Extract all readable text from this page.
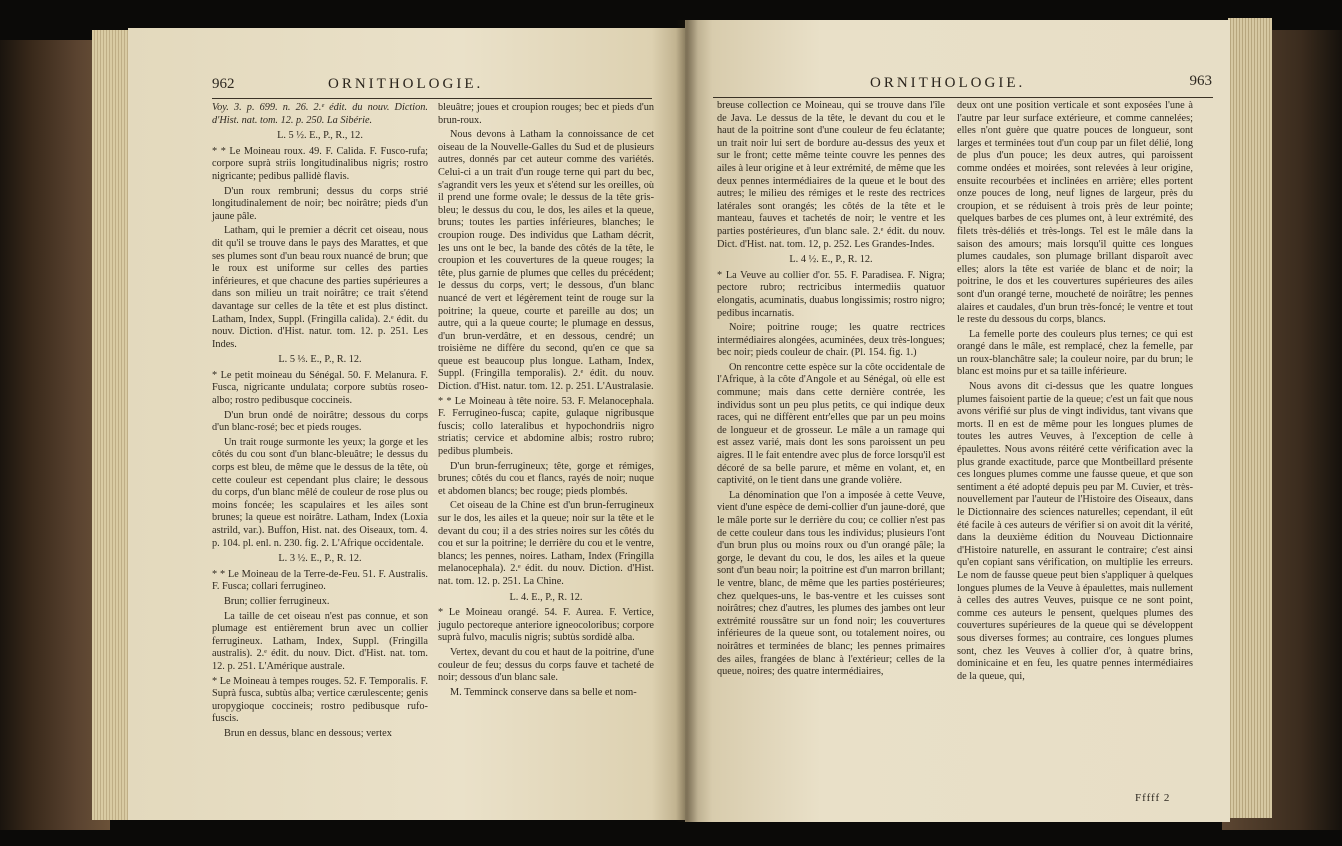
962	ORNITHOLOGIE.

Voy. 3. p. 699. n. 26. 2.ᵉ édit. du nouv. Diction. d'Hist. nat. tom. 12. p. 250. La Sibérie.

L. 5 ½. E., P., R., 12.

* * Le Moineau roux. 49. F. Calida. F. Fusco-rufa; corpore suprà striis longitudinalibus nigris; rostro nigricante; pedibus pallidè flavis.

D'un roux rembruni; dessus du corps strié longitudinalement de noir; bec noirâtre; pieds d'un jaune pâle.

Latham, qui le premier a décrit cet oiseau, nous dit qu'il se trouve dans le pays des Marattes, et que ses plumes sont d'un beau roux nuancé de brun; que le roux est uniforme sur celles des parties inférieures, et que chacune des parties supérieures a dans son milieu un trait noirâtre; ce trait s'étend davantage sur celles de la tête et est plus distinct. Latham, Index, Suppl. (Fringilla calida). 2.ᵉ édit. du nouv. Diction. d'Hist. natur. tom. 12. p. 251. Les Indes.

L. 5 ⅓. E., P., R. 12.

* Le petit moineau du Sénégal. 50. F. Melanura. F. Fusca, nigricante undulata; corpore subtùs roseo-albo; rostro pedibusque coccineis.

D'un brun ondé de noirâtre; dessous du corps d'un blanc-rosé; bec et pieds rouges.

Un trait rouge surmonte les yeux; la gorge et les côtés du cou sont d'un blanc-bleuâtre; le dessus du corps est bleu, de même que le dessus de la tête, où cette couleur est cependant plus claire; le dessous du corps, d'un blanc mêlé de couleur de rose plus ou moins foncée; les scapulaires et les ailes sont brunes; la queue est noirâtre. Latham, Index (Loxia astrild, var.). Buffon, Hist. nat. des Oiseaux, tom. 4. p. 104. pl. enl. n. 230. fig. 2. L'Afrique occidentale.

L. 3 ½. E., P., R. 12.

* * Le Moineau de la Terre-de-Feu. 51. F. Australis. F. Fusca; collari ferrugineo.

Brun; collier ferrugineux.

La taille de cet oiseau n'est pas connue, et son plumage est entièrement brun avec un collier ferrugineux. Latham, Index, Suppl. (Fringilla australis). 2.ᵉ édit. du nouv. Dict. d'Hist. nat. tom. 12. p. 251. L'Amérique australe.

* Le Moineau à tempes rouges. 52. F. Temporalis. F. Suprà fusca, subtùs alba; vertice cærulescente; genis uropygioque coccineis; rostro pedibusque rufo-fuscis.

Brun en dessus, blanc en dessous; vertex

bleuâtre; joues et croupion rouges; bec et pieds d'un brun-roux.

Nous devons à Latham la connoissance de cet oiseau de la Nouvelle-Galles du Sud et de plusieurs autres, donnés par cet auteur comme des variétés. Celui-ci a un trait d'un rouge terne qui part du bec, s'agrandit vers les yeux et s'étend sur les oreilles, où il prend une forme ovale; le dessus de la tête gris-bleu; le dessus du cou, le dos, les ailes et la queue, bruns; toutes les parties inférieures, blanches; le croupion rouge. Des individus que Latham décrit, les uns ont le bec, la bande des côtés de la tête, le croupion et les couvertures de la queue rouges; la tête, plus garnie de plumes que celles du précédent; le dessus du corps, vert; le dessous, d'un blanc nuancé de vert et légèrement teint de rouge sur la poitrine; la queue, courte et pareille au dos; un autre, qui a la queue courte; le plumage en dessus, d'un brun-verdâtre, et en dessous, cendré; un troisième ne diffère du second, qu'en ce que sa queue est beaucoup plus longue. Latham, Index, Suppl. (Fringilla temporalis). 2.ᵉ édit. du nouv. Diction. d'Hist. natur. tom. 12. p. 251. L'Australasie.

* * Le Moineau à tête noire. 53. F. Melanocephala. F. Ferrugineo-fusca; capite, gulaque nigribusque fuscis; collo lateralibus et hypochondriis nigro striatis; cervice et abdomine albis; rostro rubro; pedibus plumbeis.

D'un brun-ferrugineux; tête, gorge et rémiges, brunes; côtés du cou et flancs, rayés de noir; nuque et abdomen blancs; bec rouge; pieds plombés.

Cet oiseau de la Chine est d'un brun-ferrugineux sur le dos, les ailes et la queue; noir sur la tête et le devant du cou; il a des stries noires sur les côtés du cou et sur la poitrine; le derrière du cou et le ventre, blancs; les pennes, noires. Latham, Index (Fringilla melanocephala). 2.ᵉ édit. du nouv. Diction. d'Hist. nat. tom. 12. p. 251. La Chine.

L. 4. E., P., R. 12.

* Le Moineau orangé. 54. F. Aurea. F. Vertice, jugulo pectoreque anteriore igneocoloribus; corpore suprà fulvo, maculis nigris; subtùs sordidè alba.

Vertex, devant du cou et haut de la poitrine, d'une couleur de feu; dessus du corps fauve et tacheté de noir; dessous d'un blanc sale.

M. Temminck conserve dans sa belle et nom-

ORNITHOLOGIE.	963

breuse collection ce Moineau, qui se trouve dans l'île de Java. Le dessus de la tête, le devant du cou et le haut de la poitrine sont d'une couleur de feu éclatante; un trait noir lui sert de bordure au-dessus des yeux et sur le front; cette même teinte couvre les pennes des ailes à leur origine et à leur extrémité, de même que les deux pennes intermédiaires de la queue et le bout des autres; le milieu des rémiges et le reste des rectrices latérales sont orangés; les côtés de la tête et le manteau, fauves et tachetés de noir; le ventre et les parties postérieures, d'un blanc sale. 2.ᵉ édit. du nouv. Dict. d'Hist. nat. tom. 12, p. 252. Les Grandes-Indes.

L. 4 ½. E., P., R. 12.

* La Veuve au collier d'or. 55. F. Paradisea. F. Nigra; pectore rubro; rectricibus intermediis quatuor elongatis, acuminatis, duabus longissimis; rostro nigro; pedibus incarnatis.

Noire; poitrine rouge; les quatre rectrices intermédiaires alongées, acuminées, deux très-longues; bec noir; pieds couleur de chair. (Pl. 154. fig. 1.)

On rencontre cette espèce sur la côte occidentale de l'Afrique, à la côte d'Angole et au Sénégal, où elle est commune; mais dans cette dernière contrée, les individus sont un peu plus petits, ce qui indique deux races, qui ne diffèrent entr'elles que par un peu moins de longueur et de grosseur. Le mâle a un ramage qui est assez varié, mais dont les sons paroissent un peu aigres. Il le fait entendre avec plus de force lorsqu'il est décoré de sa belle parure, et même en volant, et, en captivité, on le tient dans une grande volière.

La dénomination que l'on a imposée à cette Veuve, vient d'une espèce de demi-collier d'un jaune-doré, que le mâle porte sur le derrière du cou; ce collier n'est pas de cette couleur dans tous les individus; plusieurs l'ont d'un brun plus ou moins roux ou d'un orangé pâle; la gorge, le devant du cou, le dos, les ailes et la queue sont d'un beau noir; la poitrine est d'un marron brillant; le ventre, blanc, de même que les parties postérieures; chez quelques-uns, le bas-ventre et les cuisses sont noirâtres; chez d'autres, les plumes des jambes ont leur extrémité roussâtre sur un fond noir; les couvertures inférieures de la queue sont, ou totalement noires, ou noirâtres et terminées de blanc; les pennes primaires des ailes, frangées de blanc à l'extérieur; celles de la queue, noires; des quatre intermédiaires,

deux ont une position verticale et sont exposées l'une à l'autre par leur surface extérieure, et comme cannelées; elles n'ont guère que quatre pouces de longueur, sont larges et terminées tout d'un coup par un filet délié, long de plus d'un pouce; les deux autres, qui paroissent comme ondées et moirées, sont relevées à leur origine, ensuite recourbées et inclinées en arrière; elles portent onze pouces de long, neuf lignes de largeur, près du croupion, et se réduisent à trois près de leur pointe; quelques barbes de ces plumes ont, à leur extrémité, des filets très-déliés et très-longs. Tel est le mâle dans la saison des amours; mais lorsqu'il quitte ces longues plumes caudales, son plumage brillant disparoît avec elles; alors la tête est variée de blanc et de noir; la poitrine, le dos et les couvertures supérieures des ailes sont d'un orangé terne, moucheté de noirâtre; les pennes alaires et caudales, d'un brun très-foncé; le ventre et tout le reste du dessous du corps, blancs.

La femelle porte des couleurs plus ternes; ce qui est orangé dans le mâle, est remplacé, chez la femelle, par un roux-blanchâtre sale; la couleur noire, par du brun; le blanc est moins pur et sa taille inférieure.

Nous avons dit ci-dessus que les quatre longues plumes faisoient partie de la queue; c'est un fait que nous avons vérifié sur plus de vingt individus, tant vivans que morts. Il en est de même pour les longues plumes de toutes les autres Veuves, à l'exception de celle à épaulettes. Nous avons réitéré cette vérification avec la plus grande exactitude, parce que Montbeillard présente ces longues plumes comme une fausse queue, et que son sentiment a été adopté depuis peu par M. Cuvier, et très-nouvellement par l'auteur de l'Histoire des Oiseaux, dans le Dictionnaire des sciences naturelles; cependant, il eût été facile à ces auteurs de vérifier si on avoit dit la vérité, dans la deuxième édition du Nouveau Dictionnaire d'Histoire naturelle, en assurant le contraire; c'est ainsi qu'en copiant sans vérification, on multiplie les erreurs. Le nom de fausse queue peut bien s'appliquer à quelques longues plumes de la Veuve à épaulettes, mais nullement à celles des autres Veuves, puisque ce ne sont point, comme ces auteurs le pensent, quelques plumes des couvertures supérieures de la queue qui se développent sous diverses formes; au contraire, ces longues plumes sont, chez les Veuves à collier d'or, à quatre brins, dominicaine et en feu, les quatre pennes intermédiaires de la queue, qui,

Fffff 2
